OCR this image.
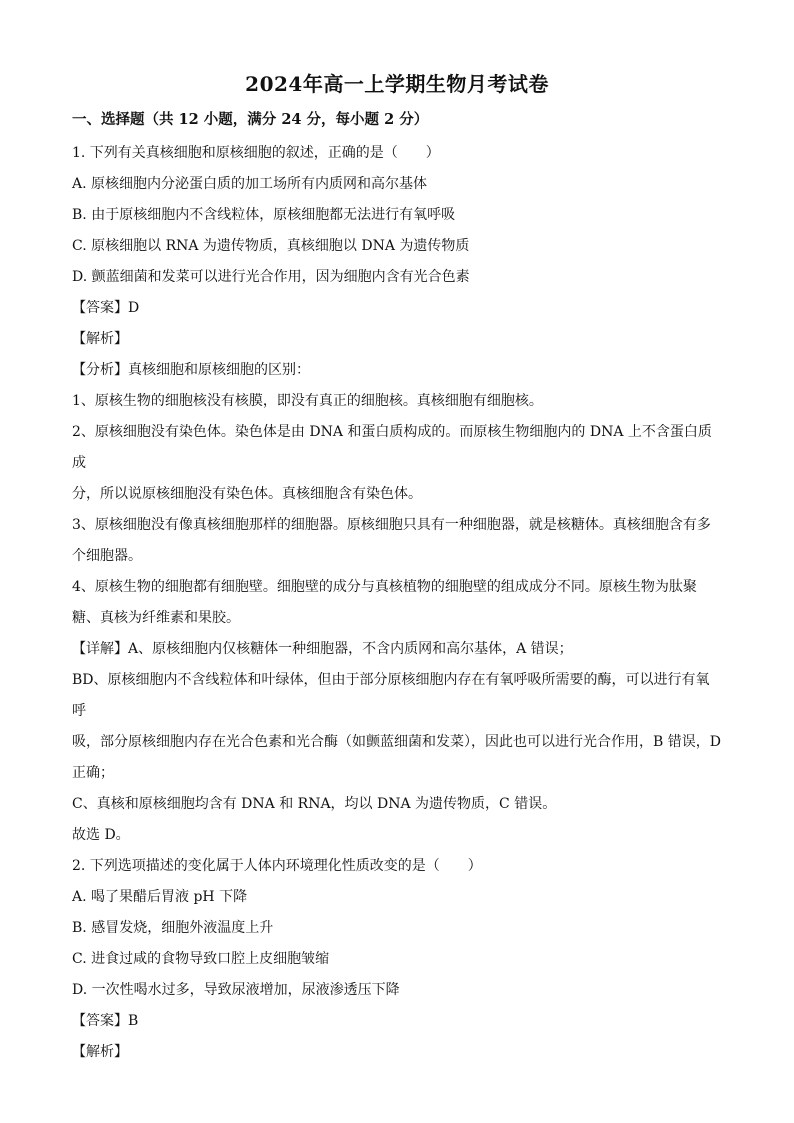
2024年高一上学期生物月考试卷
一、选择题（共 12 小题，满分 24 分，每小题 2 分）

1. 下列有关真核细胞和原核细胞的叙述，正确的是（　　）

A. 原核细胞内分泌蛋白质的加工场所有内质网和高尔基体

B. 由于原核细胞内不含线粒体，原核细胞都无法进行有氧呼吸

C. 原核细胞以 RNA 为遗传物质，真核细胞以 DNA 为遗传物质

D. 颤蓝细菌和发菜可以进行光合作用，因为细胞内含有光合色素

【答案】D

【解析】

【分析】真核细胞和原核细胞的区别：

1、原核生物的细胞核没有核膜，即没有真正的细胞核。真核细胞有细胞核。

2、原核细胞没有染色体。染色体是由 DNA 和蛋白质构成的。而原核生物细胞内的 DNA 上不含蛋白质成

分，所以说原核细胞没有染色体。真核细胞含有染色体。

3、原核细胞没有像真核细胞那样的细胞器。原核细胞只具有一种细胞器，就是核糖体。真核细胞含有多

个细胞器。

4、原核生物的细胞都有细胞壁。细胞壁的成分与真核植物的细胞壁的组成成分不同。原核生物为肽聚

糖、真核为纤维素和果胶。

【详解】A、原核细胞内仅核糖体一种细胞器，不含内质网和高尔基体，A 错误；

BD、原核细胞内不含线粒体和叶绿体，但由于部分原核细胞内存在有氧呼吸所需要的酶，可以进行有氧呼

吸，部分原核细胞内存在光合色素和光合酶（如颤蓝细菌和发菜），因此也可以进行光合作用，B 错误，D

正确；

C、真核和原核细胞均含有 DNA 和 RNA，均以 DNA 为遗传物质，C 错误。

故选 D。

2. 下列选项描述的变化属于人体内环境理化性质改变的是（　　）

A. 喝了果醋后胃液 pH 下降

B. 感冒发烧，细胞外液温度上升

C. 进食过咸的食物导致口腔上皮细胞皱缩

D. 一次性喝水过多，导致尿液增加，尿液渗透压下降

【答案】B

【解析】
